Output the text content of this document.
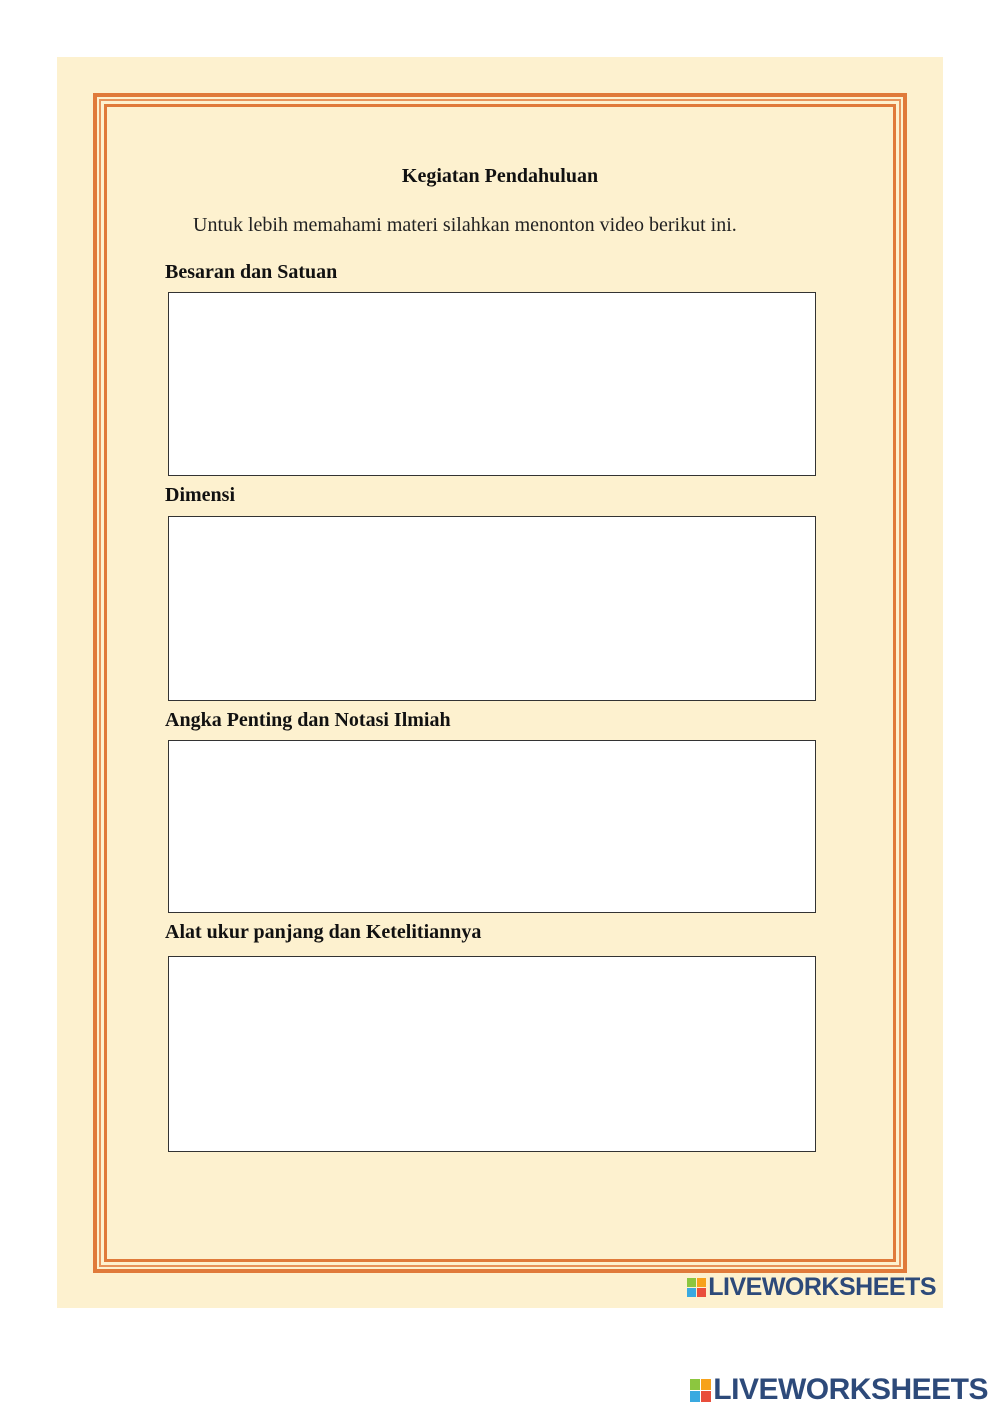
Kegiatan Pendahuluan
Untuk lebih memahami materi silahkan menonton video berikut ini.
Besaran dan Satuan
Dimensi
Angka Penting dan Notasi Ilmiah
Alat ukur panjang dan Ketelitiannya
LIVEWORKSHEETS
LIVEWORKSHEETS
